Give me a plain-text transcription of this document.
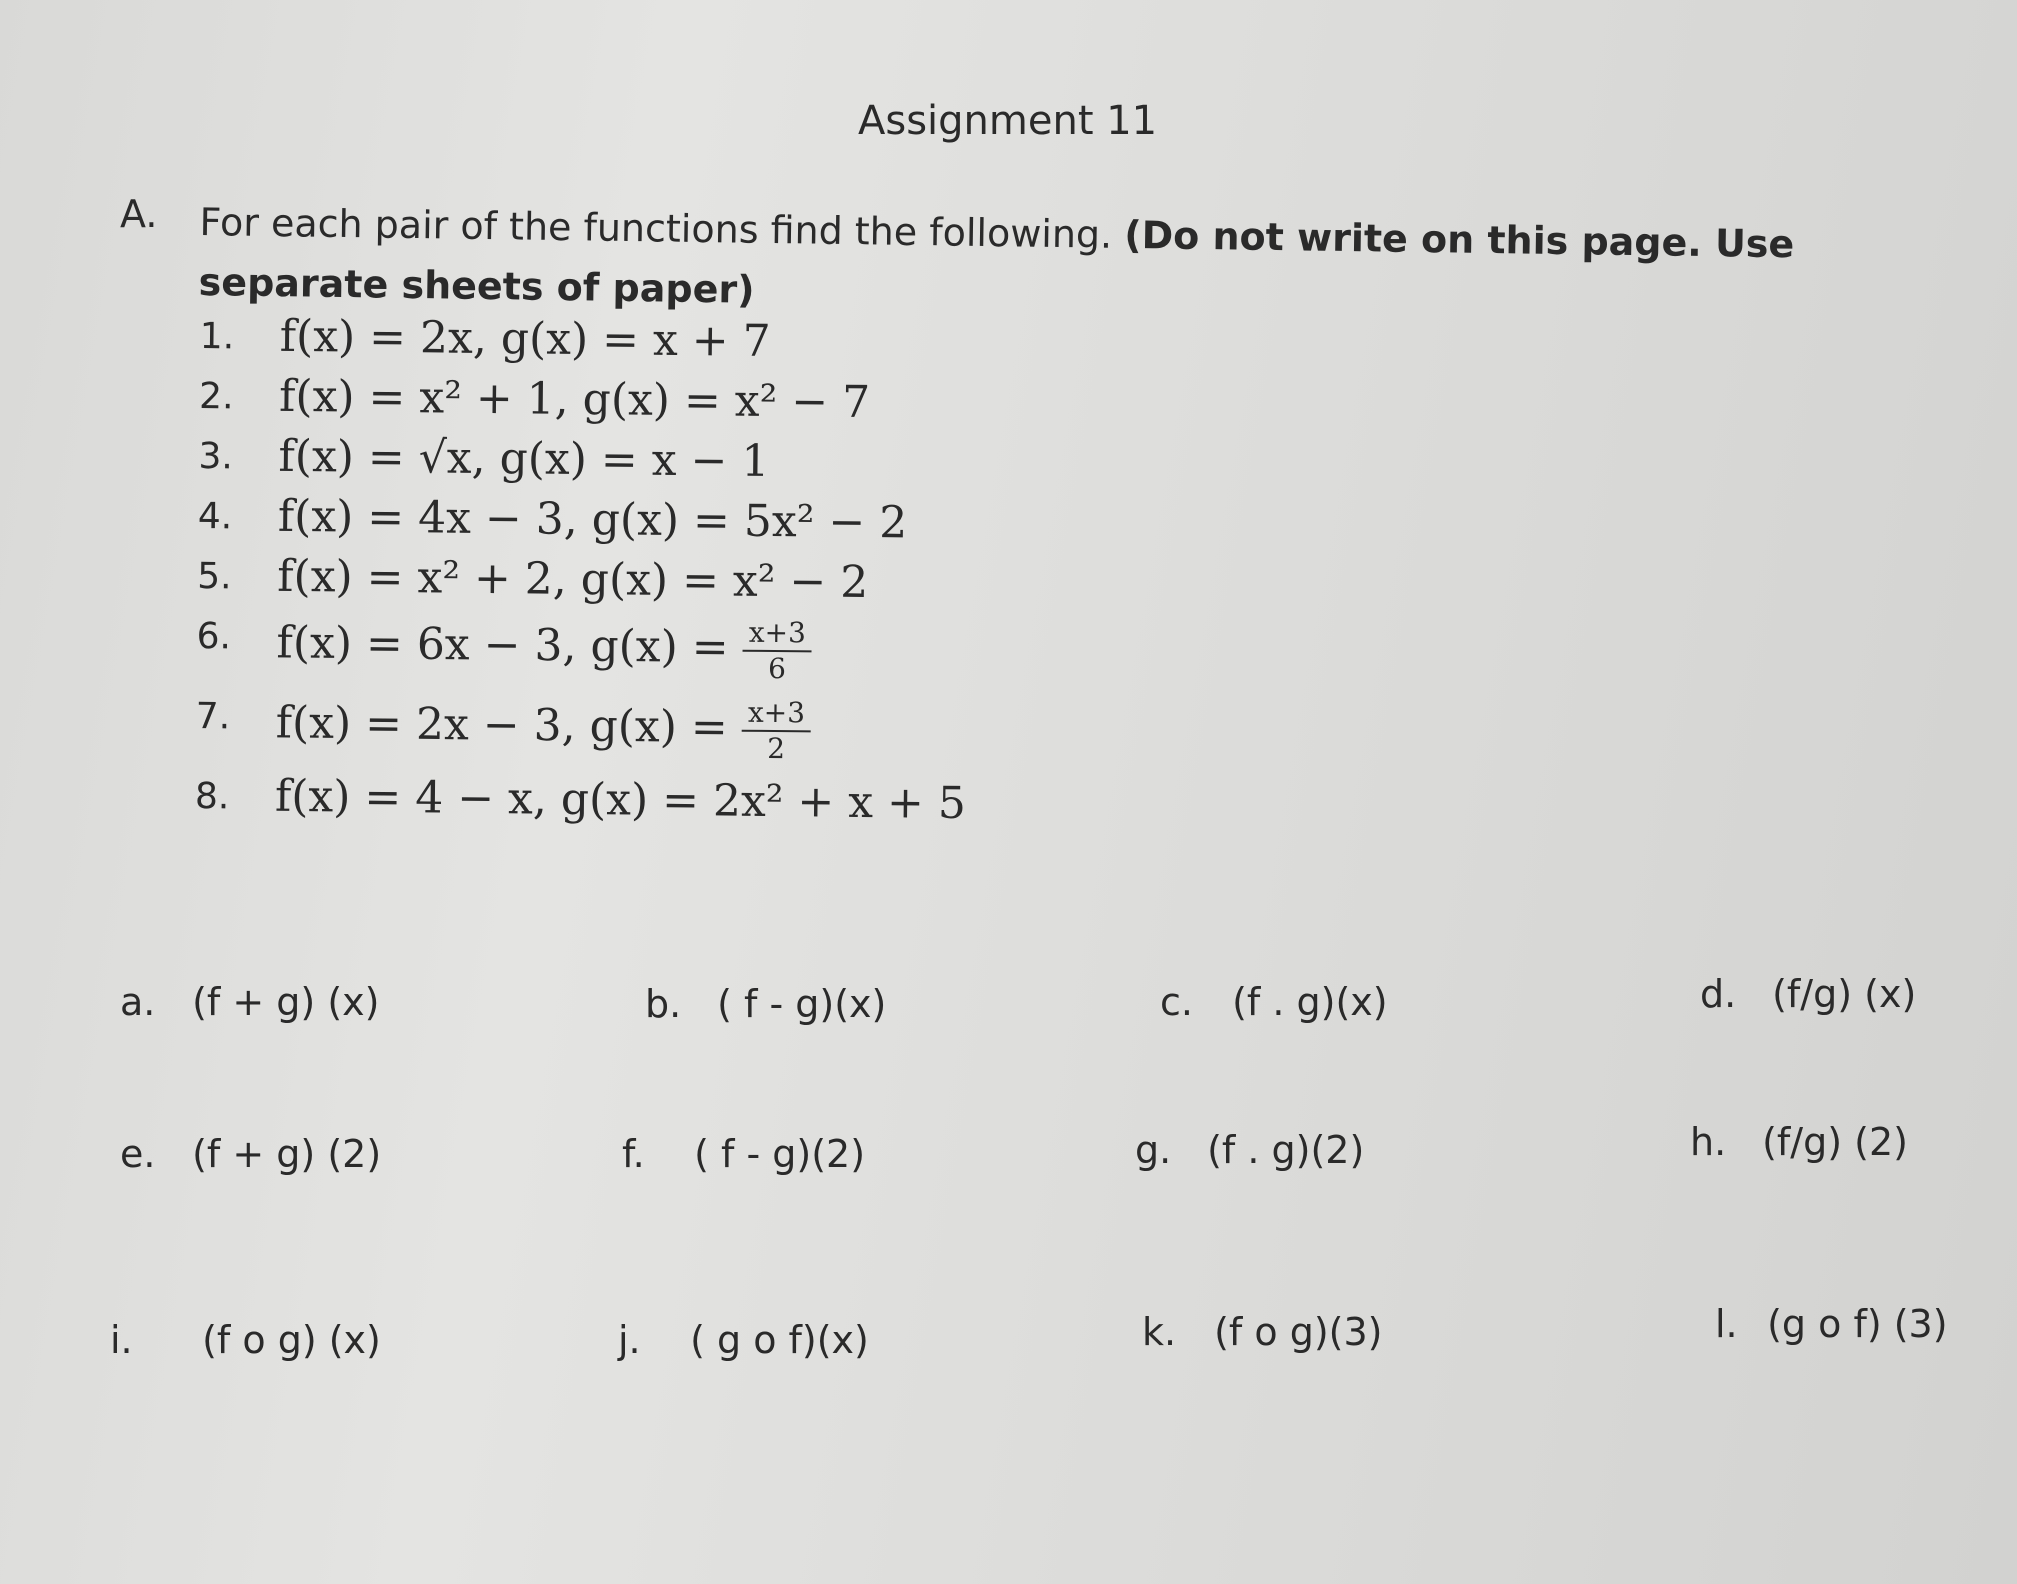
Assignment 11
A. For each pair of the functions find the following. (Do not write on this page. Use separate sheets of paper)
1. f(x) = 2x, g(x) = x + 7
2. f(x) = x² + 1, g(x) = x² − 7
3. f(x) = √x, g(x) = x − 1
4. f(x) = 4x − 3, g(x) = 5x² − 2
5. f(x) = x² + 2, g(x) = x² − 2
6. f(x) = 6x − 3, $g(x) = \frac{x+3}{6}$
7. f(x) = 2x − 3, $g(x) = \frac{x+3}{2}$
8. f(x) = 4 − x, g(x) = 2x² + x + 5
a. (f + g) (x)	b. ( f - g)(x)	c. (f . g)(x)	d. (f/g) (x)
e. (f + g) (2)	f. ( f - g)(2)	g. (f . g)(2)	h. (f/g) (2)
i. (f o g) (x)	j. ( g o f)(x)	k. (f o g)(3)	l. (g o f) (3)
